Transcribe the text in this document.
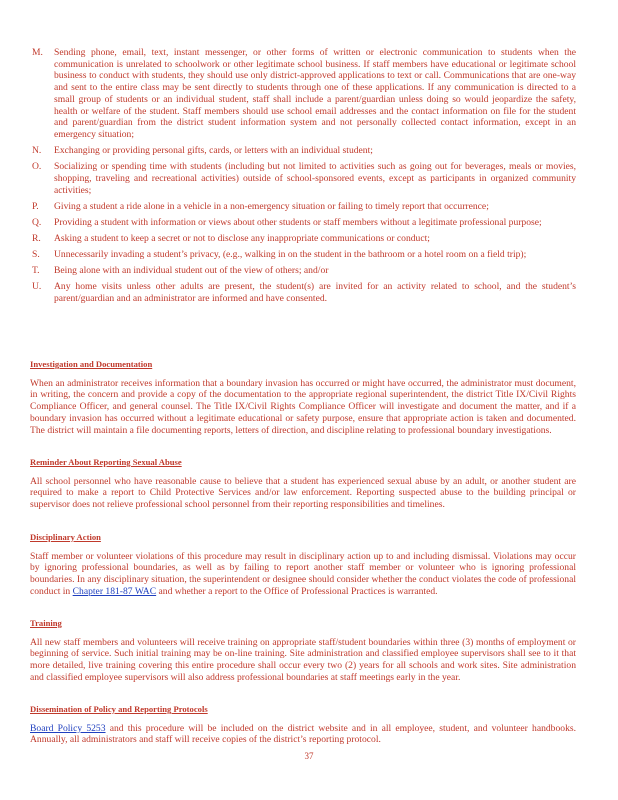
M.	Sending phone, email, text, instant messenger, or other forms of written or electronic communication to students when the communication is unrelated to schoolwork or other legitimate school business. If staff members have educational or legitimate school business to conduct with students, they should use only district-approved applications to text or call. Communications that are one-way and sent to the entire class may be sent directly to students through one of these applications. If any communication is directed to a small group of students or an individual student, staff shall include a parent/guardian unless doing so would jeopardize the safety, health or welfare of the student. Staff members should use school email addresses and the contact information on file for the student and parent/guardian from the district student information system and not personally collected contact information, except in an emergency situation;
N.	Exchanging or providing personal gifts, cards, or letters with an individual student;
O.	Socializing or spending time with students (including but not limited to activities such as going out for beverages, meals or movies, shopping, traveling and recreational activities) outside of school-sponsored events, except as participants in organized community activities;
P.	Giving a student a ride alone in a vehicle in a non-emergency situation or failing to timely report that occurrence;
Q.	Providing a student with information or views about other students or staff members without a legitimate professional purpose;
R.	Asking a student to keep a secret or not to disclose any inappropriate communications or conduct;
S.	Unnecessarily invading a student’s privacy, (e.g., walking in on the student in the bathroom or a hotel room on a field trip);
T.	Being alone with an individual student out of the view of others; and/or
U.	Any home visits unless other adults are present, the student(s) are invited for an activity related to school, and the student’s parent/guardian and an administrator are informed and have consented.
Investigation and Documentation

When an administrator receives information that a boundary invasion has occurred or might have occurred, the administrator must document, in writing, the concern and provide a copy of the documentation to the appropriate regional superintendent, the district Title IX/Civil Rights Compliance Officer, and general counsel. The Title IX/Civil Rights Compliance Officer will investigate and document the matter, and if a boundary invasion has occurred without a legitimate educational or safety purpose, ensure that appropriate action is taken and documented. The district will maintain a file documenting reports, letters of direction, and discipline relating to professional boundary investigations.

Reminder About Reporting Sexual Abuse

All school personnel who have reasonable cause to believe that a student has experienced sexual abuse by an adult, or another student are required to make a report to Child Protective Services and/or law enforcement. Reporting suspected abuse to the building principal or supervisor does not relieve professional school personnel from their reporting responsibilities and timelines.

Disciplinary Action

Staff member or volunteer violations of this procedure may result in disciplinary action up to and including dismissal. Violations may occur by ignoring professional boundaries, as well as by failing to report another staff member or volunteer who is ignoring professional boundaries. In any disciplinary situation, the superintendent or designee should consider whether the conduct violates the code of professional conduct in Chapter 181-87 WAC and whether a report to the Office of Professional Practices is warranted.

Training

All new staff members and volunteers will receive training on appropriate staff/student boundaries within three (3) months of employment or beginning of service. Such initial training may be on-line training. Site administration and classified employee supervisors shall see to it that more detailed, live training covering this entire procedure shall occur every two (2) years for all schools and work sites. Site administration and classified employee supervisors will also address professional boundaries at staff meetings early in the year.

Dissemination of Policy and Reporting Protocols

Board Policy 5253 and this procedure will be included on the district website and in all employee, student, and volunteer handbooks. Annually, all administrators and staff will receive copies of the district’s reporting protocol.

37
